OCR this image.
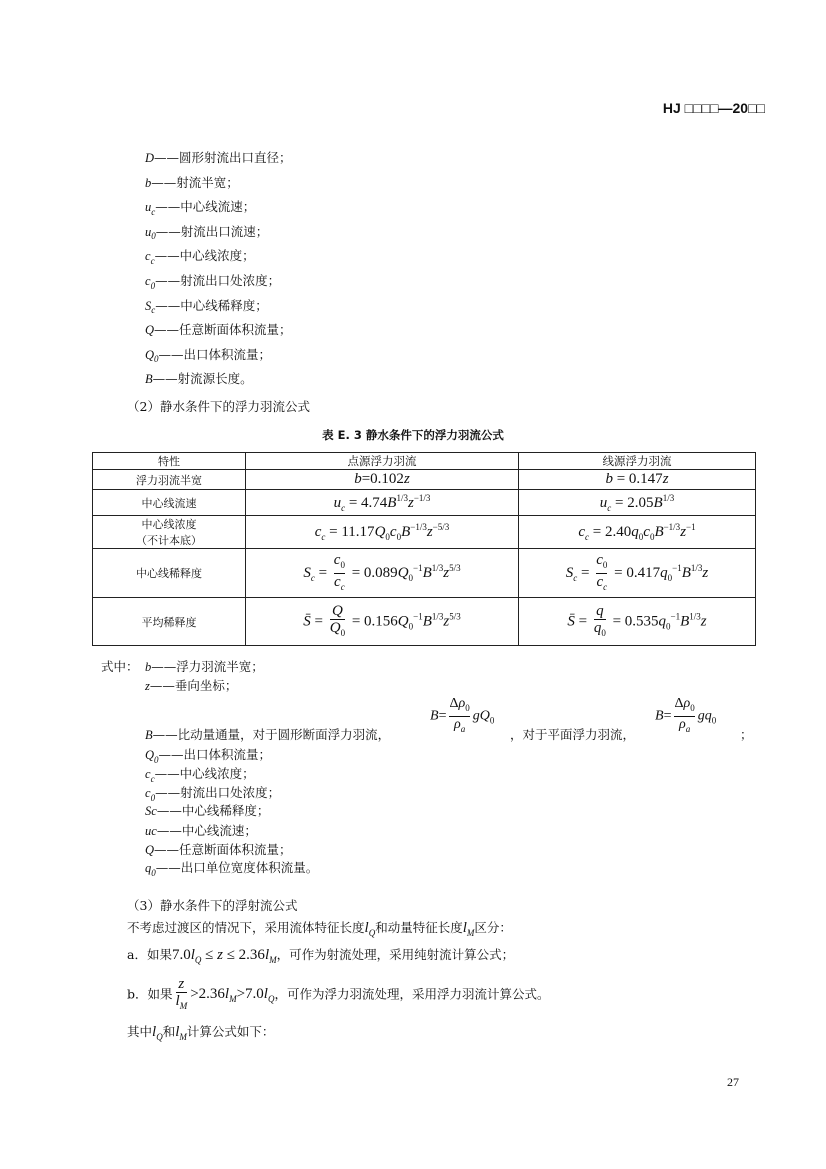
HJ □□□□—20□□
D——圆形射流出口直径；
b——射流半宽；
$u_c——$中心线流速；
$u_0——$射流出口流速；
$c_c——$中心线浓度；
$c_0——$射流出口处浓度；
$S_c——$中心线稀释度；
Q——任意断面体积流量；
$Q_0——$出口体积流量；
B——射流源长度。
（2）静水条件下的浮力羽流公式
表 E. 3 静水条件下的浮力羽流公式
特性	点源浮力羽流	线源浮力羽流
浮力羽流半宽	b=0.102z	b = 0.147z
中心线流速	$u_c = 4.74B^{1/3}z^{-1/3}$	$u_c = 2.05B^{1/3}$

中心线浓度
（不计本底）	$c_c = 11.17Q_0c_0B^{-1/3}z^{-5/3}$	$c_c = 2.40q_0c_0B^{-1/3}z^{-1}$
中心线稀释度	$S_c = \frac{c_0}{c_c} = 0.089Q_0^{-1}B^{1/3}z^{5/3}$	$S_c = \frac{c_0}{c_c} = 0.417q_0^{-1}B^{1/3}z$
平均稀释度	S̄ = $\frac{Q}{Q_0} = 0.156Q_0^{-1}B^{1/3}z^{5/3}$	S̄ = $\frac{q}{q_0} = 0.535q_0^{-1}B^{1/3}z$
式中： b——浮力羽流半宽；
z——垂向坐标；
B——比动量通量，对于圆形断面浮力羽流，
$Q_0——$出口体积流量；
$c_c——$中心线浓度；
$c_0——$射流出口处浓度；
Sc——中心线稀释度；
uc——中心线流速；
Q——任意断面体积流量；
$q_0——$出口单位宽度体积流量。
$B= \frac{\Delta\rho_0}{\rho_a} gQ_0$
，对于平面浮力羽流，
$B= \frac{\Delta\rho_0}{\rho_a} gq_0$
；
（3）静水条件下的浮射流公式
不考虑过渡区的情况下，采用流体特征长度$l_Q$和动量特征长度$l_M$区分：
a．如果$7.0l_Q \le z \le 2.36l_M$，可作为射流处理，采用纯射流计算公式；
b．如果 $\frac{z}{l_M} >2.36l_M>7.0l_Q$，可作为浮力羽流处理，采用浮力羽流计算公式。
其中$l_Q$和$l_M$计算公式如下：
27
